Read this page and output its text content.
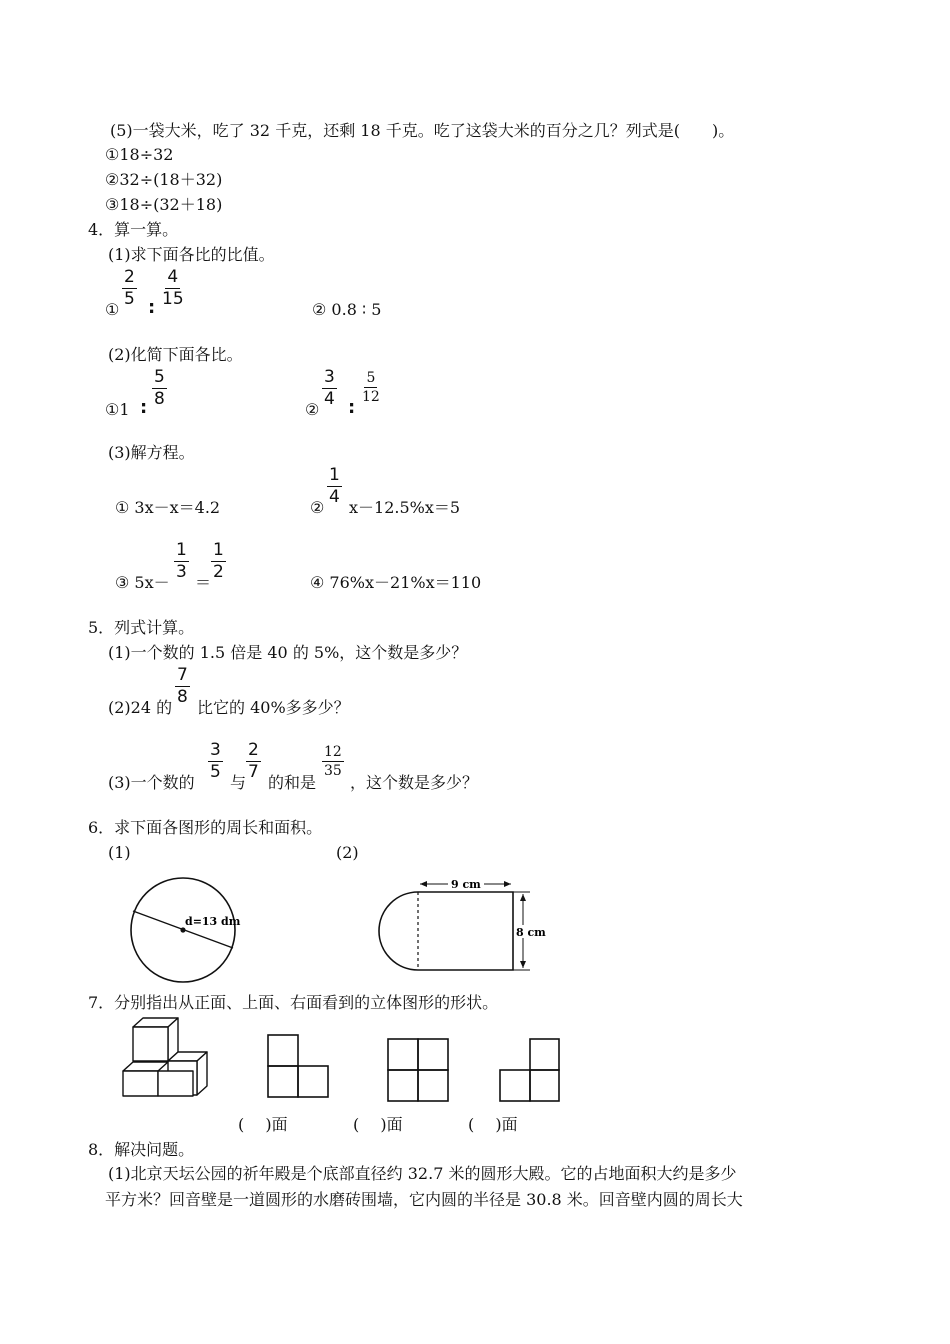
(5)一袋大米，吃了 32 千克，还剩 18 千克。吃了这袋大米的百分之几？列式是(　　)。
①18÷32
②32÷(18＋32)
③18÷(32＋18)
4．算一算。
(1)求下面各比的比值。
①
$\frac{2}{5}$ : $\frac{4}{15}$
② 0.8 ∶ 5
(2)化简下面各比。
①1 : $\frac{5}{8}$
②
$\frac{3}{4}$ :
$\frac{5}{12}$
(3)解方程。
① 3x－x＝4.2	②
$\frac{1}{4}$
x－12.5%x＝5
③ 5x－
$\frac{1}{3}$
＝
$\frac{1}{2}$
④ 76%x－21%x＝110
5．列式计算。
(1)一个数的 1.5 倍是 40 的 5%，这个数是多少？
(2)24 的
$\frac{7}{8}$
比它的 40%多多少？
(3)一个数的
$\frac{3}{5}$
与
$\frac{2}{7}$
的和是
$\frac{12}{35}$
，这个数是多少？
6．求下面各图形的周长和面积。
(1)	(2)
d=13 dm
9 cm
8 cm
7．分别指出从正面、上面、右面看到的立体图形的形状。
(　 )面	(　 )面	(　 )面
8．解决问题。
(1)北京天坛公园的祈年殿是个底部直径约 32.7 米的圆形大殿。它的占地面积大约是多少
平方米？回音壁是一道圆形的水磨砖围墙，它内圆的半径是 30.8 米。回音壁内圆的周长大
